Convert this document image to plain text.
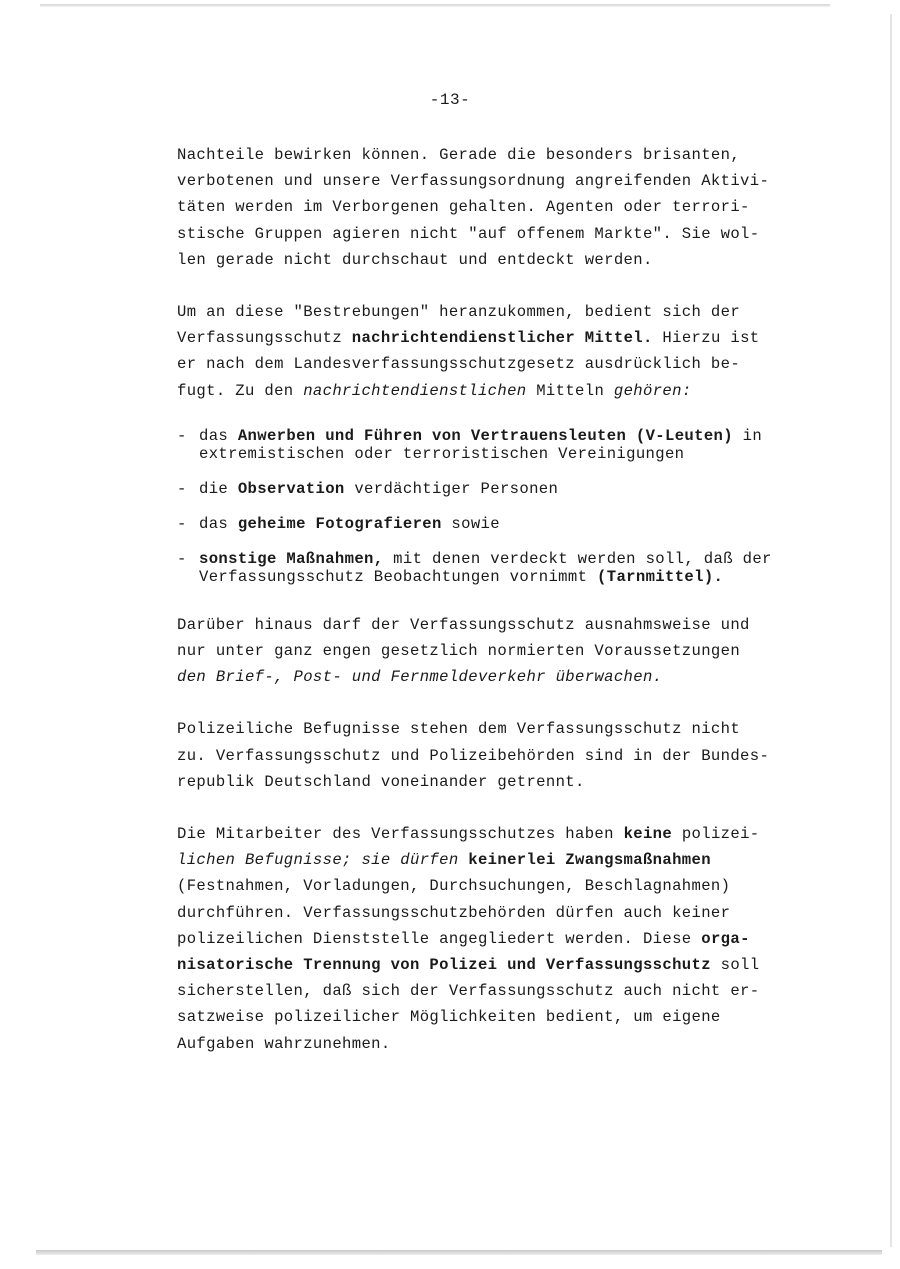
-13-

Nachteile bewirken können. Gerade die besonders brisanten,
verbotenen und unsere Verfassungsordnung angreifenden Aktivi-
täten werden im Verborgenen gehalten. Agenten oder terrori-
stische Gruppen agieren nicht "auf offenem Markte". Sie wol-
len gerade nicht durchschaut und entdeckt werden.

Um an diese "Bestrebungen" heranzukommen, bedient sich der
Verfassungsschutz nachrichtendienstlicher Mittel. Hierzu ist
er nach dem Landesverfassungsschutzgesetz ausdrücklich be-
fugt. Zu den nachrichtendienstlichen Mitteln gehören:

- das Anwerben und Führen von Vertrauensleuten (V-Leuten) in
extremistischen oder terroristischen Vereinigungen
- die Observation verdächtiger Personen
- das geheime Fotografieren sowie
- sonstige Maßnahmen, mit denen verdeckt werden soll, daß der
Verfassungsschutz Beobachtungen vornimmt (Tarnmittel).

Darüber hinaus darf der Verfassungsschutz ausnahmsweise und
nur unter ganz engen gesetzlich normierten Voraussetzungen
den Brief-, Post- und Fernmeldeverkehr überwachen.

Polizeiliche Befugnisse stehen dem Verfassungsschutz nicht
zu. Verfassungsschutz und Polizeibehörden sind in der Bundes-
republik Deutschland voneinander getrennt.

Die Mitarbeiter des Verfassungsschutzes haben keine polizei-
lichen Befugnisse; sie dürfen keinerlei Zwangsmaßnahmen
(Festnahmen, Vorladungen, Durchsuchungen, Beschlagnahmen)
durchführen. Verfassungsschutzbehörden dürfen auch keiner
polizeilichen Dienststelle angegliedert werden. Diese orga-
nisatorische Trennung von Polizei und Verfassungsschutz soll
sicherstellen, daß sich der Verfassungsschutz auch nicht er-
satzweise polizeilicher Möglichkeiten bedient, um eigene
Aufgaben wahrzunehmen.
